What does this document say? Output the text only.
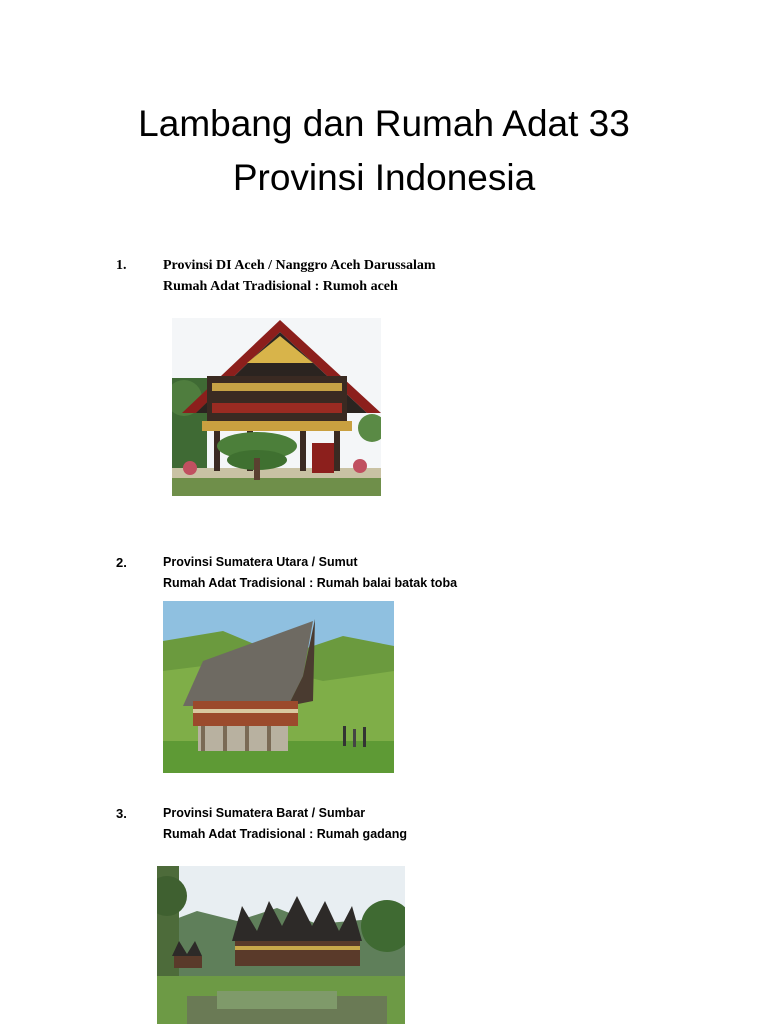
Lambang dan Rumah Adat 33
Provinsi Indonesia
1.	Provinsi DI Aceh / Nanggro Aceh Darussalam
Rumah Adat Tradisional : Rumoh aceh
2.	Provinsi Sumatera Utara / Sumut
Rumah Adat Tradisional : Rumah balai batak toba
3.	Provinsi Sumatera Barat / Sumbar
Rumah Adat Tradisional : Rumah gadang
